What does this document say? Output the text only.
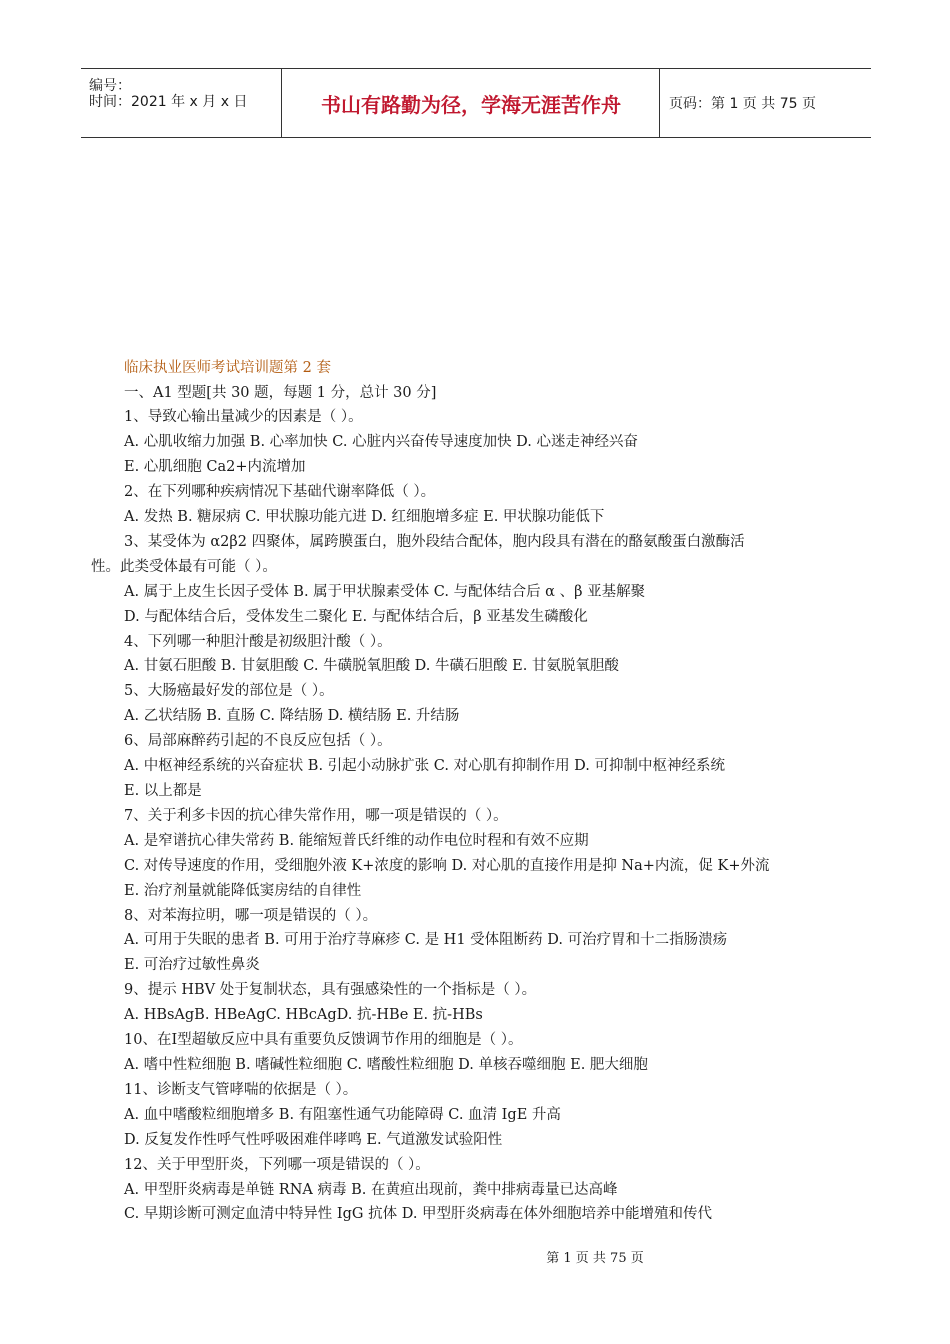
编号：
时间：2021 年 x 月 x 日	书山有路勤为径，学海无涯苦作舟	页码：第 1 页 共 75 页
临床执业医师考试培训题第 2 套
一、A1 型题[共 30 题，每题 1 分，总计 30 分]
1、导致心输出量减少的因素是（ ）。
A. 心肌收缩力加强 B. 心率加快 C. 心脏内兴奋传导速度加快 D. 心迷走神经兴奋
E. 心肌细胞 Ca2+内流增加
2、在下列哪种疾病情况下基础代谢率降低（ ）。
A. 发热 B. 糖尿病 C. 甲状腺功能亢进 D. 红细胞增多症 E. 甲状腺功能低下
3、某受体为 α2β2 四聚体，属跨膜蛋白，胞外段结合配体，胞内段具有潜在的酪氨酸蛋白激酶活
性。此类受体最有可能（ ）。
A. 属于上皮生长因子受体 B. 属于甲状腺素受体 C. 与配体结合后 α 、β 亚基解聚
D. 与配体结合后，受体发生二聚化 E. 与配体结合后，β 亚基发生磷酸化
4、下列哪一种胆汁酸是初级胆汁酸（ ）。
A. 甘氨石胆酸 B. 甘氨胆酸 C. 牛磺脱氧胆酸 D. 牛磺石胆酸 E. 甘氨脱氧胆酸
5、大肠癌最好发的部位是（ ）。
A. 乙状结肠 B. 直肠 C. 降结肠 D. 横结肠 E. 升结肠
6、局部麻醉药引起的不良反应包括（ ）。
A. 中枢神经系统的兴奋症状 B. 引起小动脉扩张 C. 对心肌有抑制作用 D. 可抑制中枢神经系统
E. 以上都是
7、关于利多卡因的抗心律失常作用，哪一项是错误的（ ）。
A. 是窄谱抗心律失常药 B. 能缩短普氏纤维的动作电位时程和有效不应期
C. 对传导速度的作用，受细胞外液 K+浓度的影响 D. 对心肌的直接作用是抑 Na+内流，促 K+外流
E. 治疗剂量就能降低窦房结的自律性
8、对苯海拉明，哪一项是错误的（ ）。
A. 可用于失眠的患者 B. 可用于治疗荨麻疹 C. 是 H1 受体阻断药 D. 可治疗胃和十二指肠溃疡
E. 可治疗过敏性鼻炎
9、提示 HBV 处于复制状态，具有强感染性的一个指标是（ ）。
A. HBsAgB. HBeAgC. HBcAgD. 抗-HBe E. 抗-HBs
10、在Ⅰ型超敏反应中具有重要负反馈调节作用的细胞是（ ）。
A. 嗜中性粒细胞 B. 嗜碱性粒细胞 C. 嗜酸性粒细胞 D. 单核吞噬细胞 E. 肥大细胞
11、诊断支气管哮喘的依据是（ ）。
A. 血中嗜酸粒细胞增多 B. 有阻塞性通气功能障碍 C. 血清 IgE 升高
D. 反复发作性呼气性呼吸困难伴哮鸣 E. 气道激发试验阳性
12、关于甲型肝炎，下列哪一项是错误的（ ）。
A. 甲型肝炎病毒是单链 RNA 病毒 B. 在黄疸出现前，粪中排病毒量已达高峰
C. 早期诊断可测定血清中特异性 IgG 抗体 D. 甲型肝炎病毒在体外细胞培养中能增殖和传代
第 1 页 共 75 页
